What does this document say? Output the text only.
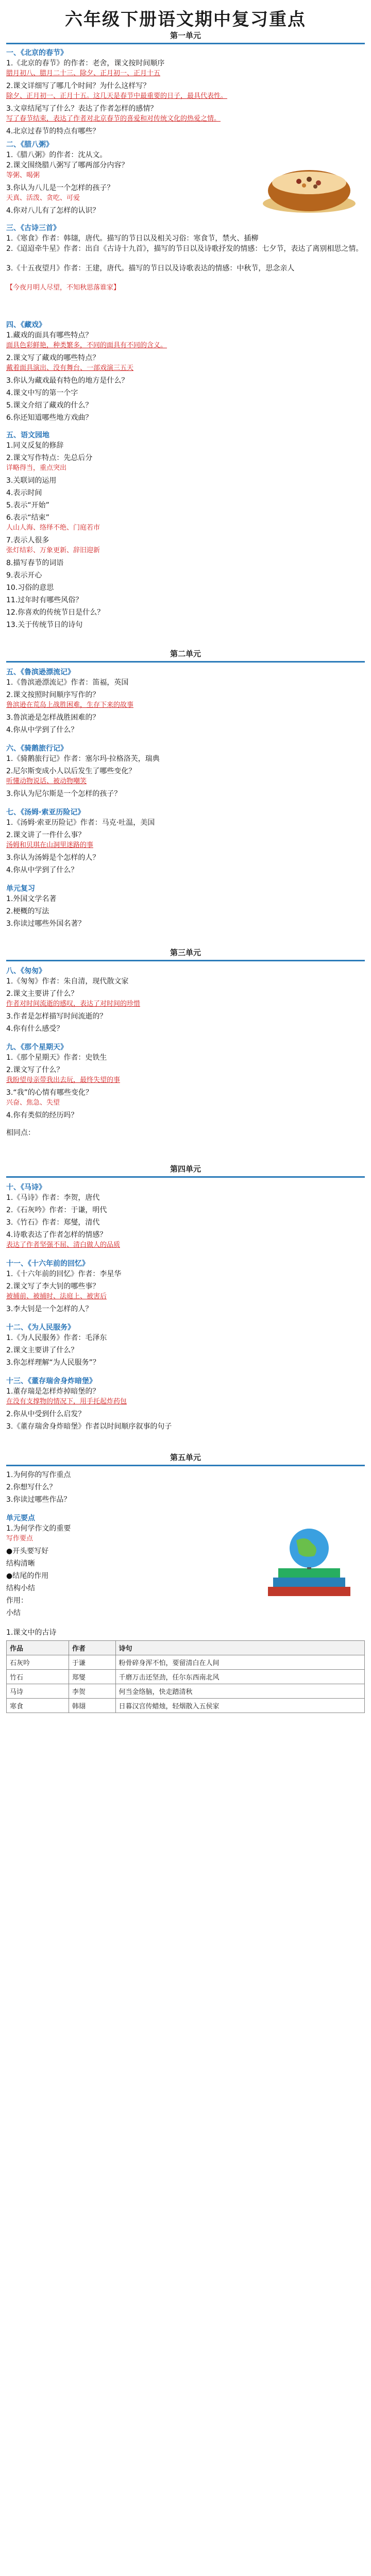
六年级下册语文期中复习重点
第一单元
一、《北京的春节》
1.《北京的春节》的作者：老舍，课文按时间顺序
腊月初八、腊月二十三、除夕、正月初一、正月十五
2.课文详细写了哪几个时间？为什么这样写？
除夕、正月初一、正月十五。这几天是春节中最重要的日子，最具代表性。
3.文章结尾写了什么？表达了作者怎样的感情？
写了春节结束，表达了作者对北京春节的喜爱和对传统文化的热爱之情。
4.北京过春节的特点有哪些？
二、《腊八粥》
1.《腊八粥》的作者：沈从文。
2.课文围绕腊八粥写了哪两部分内容？
等粥、喝粥
3.你认为八儿是一个怎样的孩子？
天真、活泼、贪吃、可爱
4.你对八儿有了怎样的认识？
三、《古诗三首》
1.《寒食》作者：韩翃，唐代。描写的节日以及相关习俗：寒食节，禁火、插柳
2.《迢迢牵牛星》作者：出自《古诗十九首》，描写的节日以及诗歌抒发的情感：七夕节，表达了离别相思之情。
3.《十五夜望月》作者：王建，唐代。描写的节日以及诗歌表达的情感：中秋节，思念亲人
【今夜月明人尽望，不知秋思落谁家】
四、《藏戏》
1.藏戏的面具有哪些特点？
面具色彩鲜艳，种类繁多，不同的面具有不同的含义。
2.课文写了藏戏的哪些特点？
戴着面具演出、没有舞台、一部戏演三五天
3.你认为藏戏最有特色的地方是什么？
4.课文中写的第一个字
5.课文介绍了藏戏的什么？
6.你还知道哪些地方戏曲？
五、语文园地
1.同义反复的修辞
2.课文写作特点：先总后分
详略得当，重点突出
3.关联词的运用
4.表示时间
5.表示“开始”
6.表示“结束”
人山人海、络绎不绝、门庭若市
7.表示人很多
张灯结彩、万象更新、辞旧迎新
8.描写春节的词语
9.表示开心
10.习俗的意思
11.过年时有哪些风俗？
12.你喜欢的传统节日是什么？
13.关于传统节日的诗句
第二单元
五、《鲁滨逊漂流记》
1.《鲁滨逊漂流记》作者：笛福，英国
2.课文按照时间顺序写作的？
鲁滨逊在荒岛上战胜困难，生存下来的故事
3.鲁滨逊是怎样战胜困难的？
4.你从中学到了什么？
六、《骑鹅旅行记》
1.《骑鹅旅行记》作者：塞尔玛·拉格洛芙，瑞典
2.尼尔斯变成小人以后发生了哪些变化？
听懂动物说话、被动物嘲笑
3.你认为尼尔斯是一个怎样的孩子？
七、《汤姆·索亚历险记》
1.《汤姆·索亚历险记》作者：马克·吐温，美国
2.课文讲了一件什么事？
汤姆和贝琪在山洞里迷路的事
3.你认为汤姆是个怎样的人？
4.你从中学到了什么？
单元复习
1.外国文学名著
2.梗概的写法
3.你读过哪些外国名著？
第三单元
八、《匆匆》
1.《匆匆》作者：朱自清，现代散文家
2.课文主要讲了什么？
作者对时间流逝的感叹，表达了对时间的珍惜
3.作者是怎样描写时间流逝的？
4.你有什么感受？
九、《那个星期天》
1.《那个星期天》作者：史铁生
2.课文写了什么？
我盼望母亲带我出去玩，最终失望的事
3.“我”的心情有哪些变化？
兴奋、焦急、失望
4.你有类似的经历吗？
相同点：
第四单元
十、《马诗》
1.《马诗》作者：李贺，唐代
2.《石灰吟》作者：于谦，明代
3.《竹石》作者：郑燮，清代
4.诗歌表达了作者怎样的情感？
表达了作者坚强不屈、清白做人的品质
十一、《十六年前的回忆》
1.《十六年前的回忆》作者：李星华
2.课文写了李大钊的哪些事？
被捕前、被捕时、法庭上、被害后
3.李大钊是一个怎样的人？
十二、《为人民服务》
1.《为人民服务》作者：毛泽东
2.课文主要讲了什么？
3.你怎样理解“为人民服务”？
十三、《董存瑞舍身炸暗堡》
1.董存瑞是怎样炸掉暗堡的？
在没有支撑物的情况下，用手托起炸药包
2.你从中受到什么启发？
3.《董存瑞舍身炸暗堡》作者以时间顺序叙事的句子
第五单元
1.为何你的写作重点
2.你想写什么？
3.你读过哪些作品？
单元要点
1.为何学作文的重要
写作要点
●开头要写好
结构清晰
●结尾的作用
结构小结
作用：
小结
1.课文中的古诗
作品	作者	诗句
石灰吟	于谦	粉骨碎身浑不怕，要留清白在人间
竹石	郑燮	千磨万击还坚劲，任尔东西南北风
马诗	李贺	何当金络脑，快走踏清秋
寒食	韩翃	日暮汉宫传蜡烛，轻烟散入五侯家
